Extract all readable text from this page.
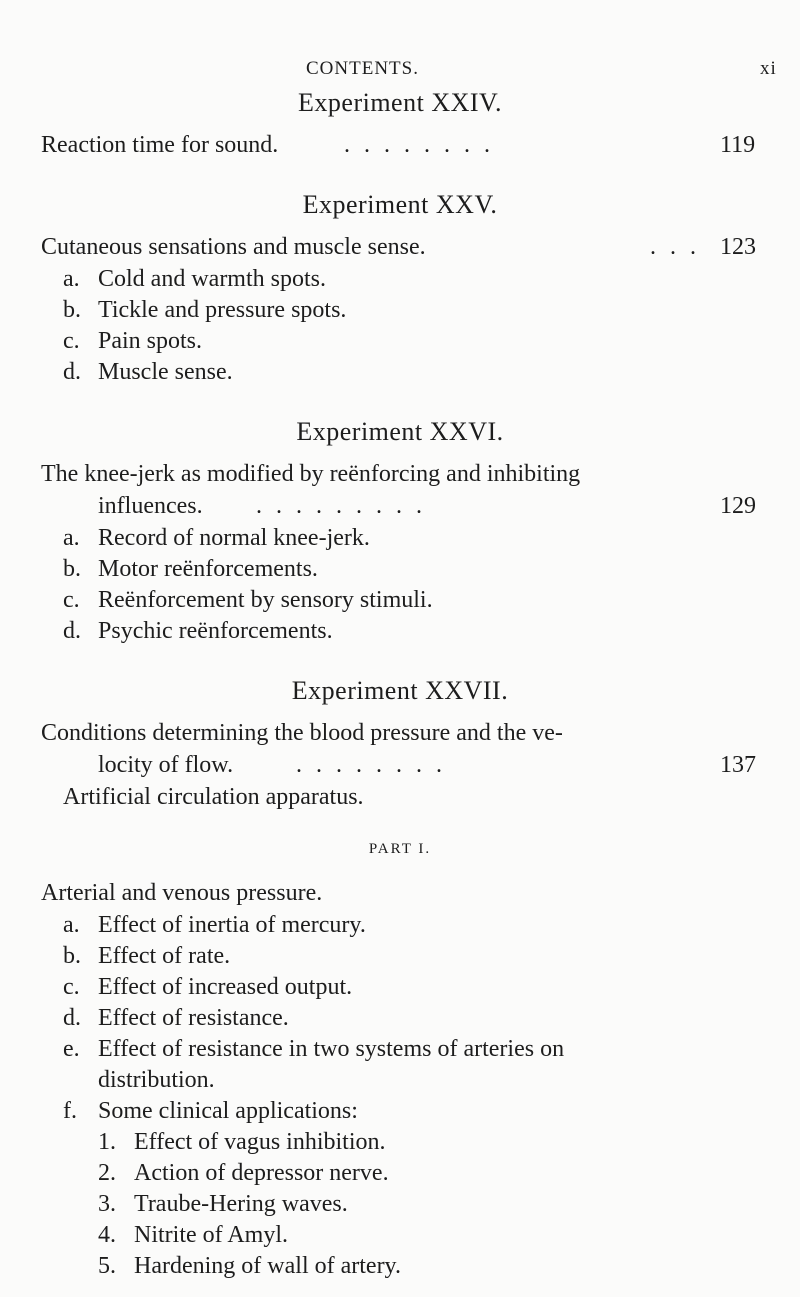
CONTENTS.	xi
Experiment XXIV.
Reaction time for sound.	........	119
Experiment XXV.
Cutaneous sensations and muscle sense.	... 123
a. Cold and warmth spots.
b. Tickle and pressure spots.
c. Pain spots.
d. Muscle sense.
Experiment XXVI.
The knee-jerk as modified by reënforcing and inhibiting
influences. .........	129
a. Record of normal knee-jerk.
b. Motor reënforcements.
c. Reënforcement by sensory stimuli.
d. Psychic reënforcements.
Experiment XXVII.
Conditions determining the blood pressure and the ve-
locity of flow.	........	137
Artificial circulation apparatus.
PART I.
Arterial and venous pressure.
a. Effect of inertia of mercury.
b. Effect of rate.
c. Effect of increased output.
d. Effect of resistance.
e. Effect of resistance in two systems of arteries on
distribution.
f. Some clinical applications:
1. Effect of vagus inhibition.
2. Action of depressor nerve.
3. Traube-Hering waves.
4. Nitrite of Amyl.
5. Hardening of wall of artery.
